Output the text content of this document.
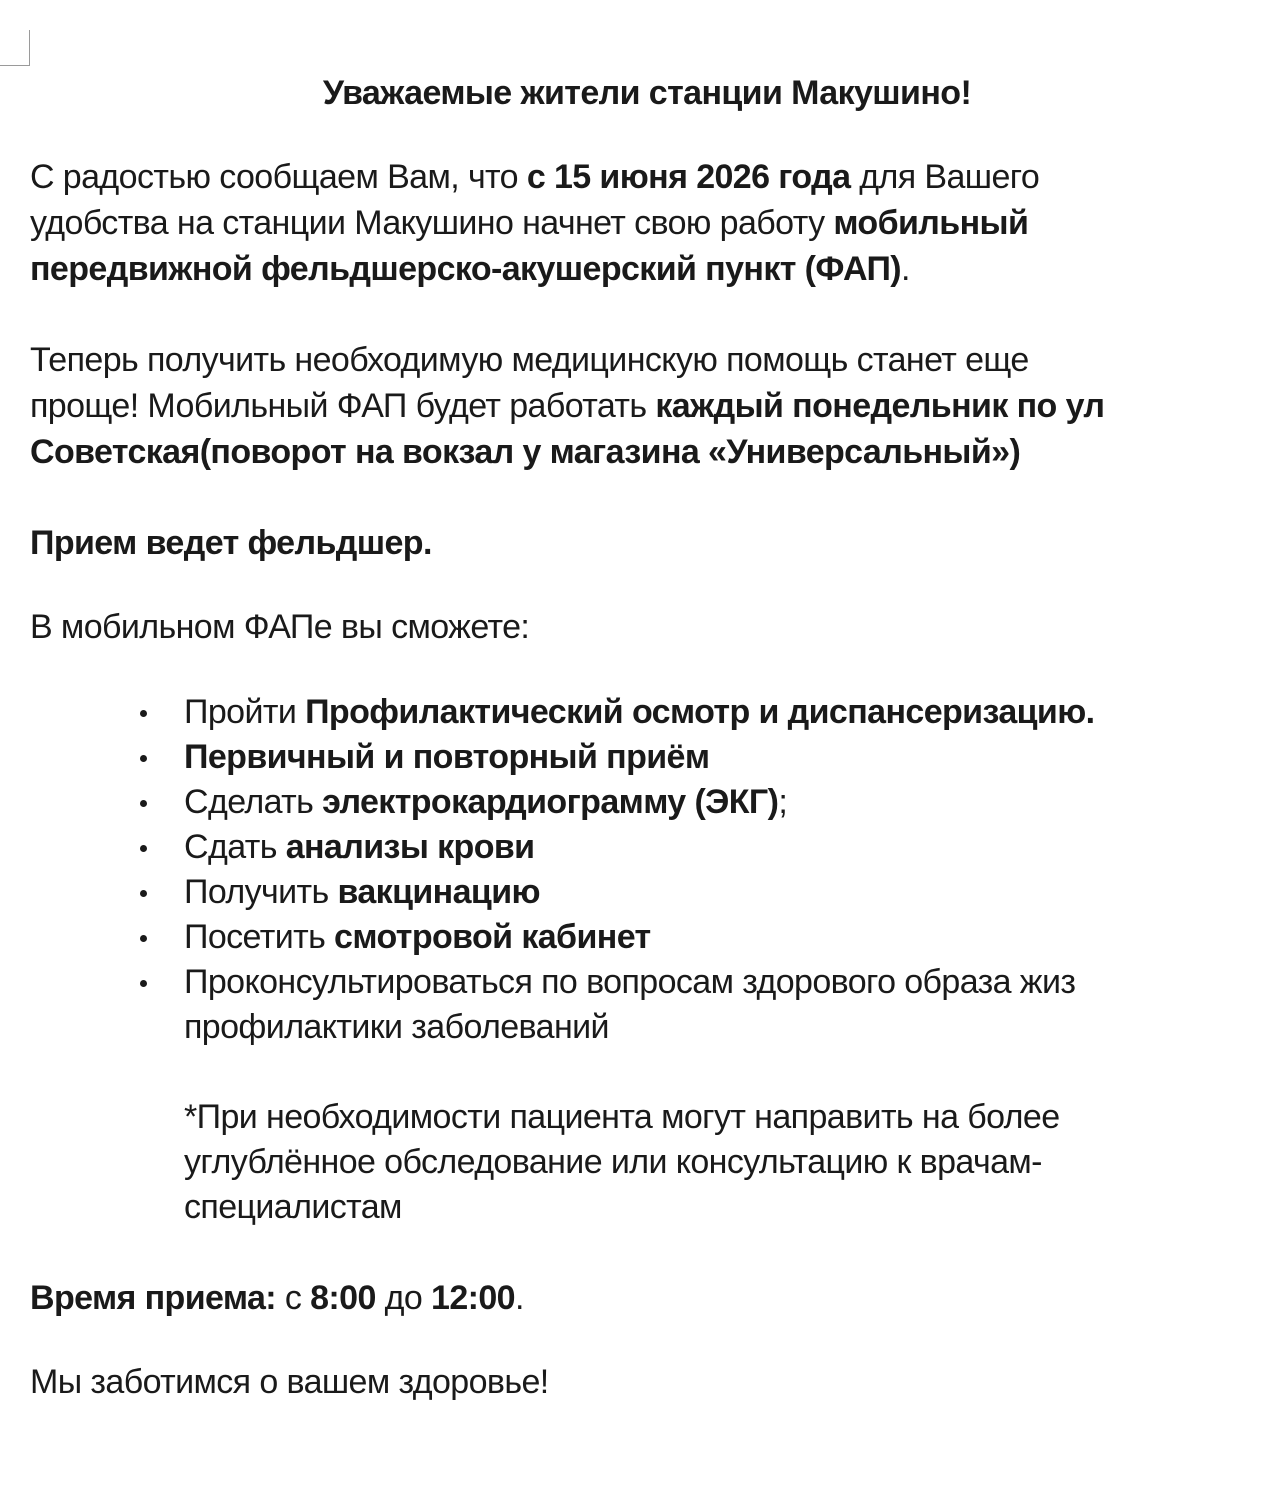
Уважаемые жители станции Макушино!

С радостью сообщаем Вам, что с 15 июня 2026 года для Вашего
удобства на станции Макушино начнет свою работу мобильный
передвижной фельдшерско-акушерский пункт (ФАП).

Теперь получить необходимую медицинскую помощь станет еще
проще! Мобильный ФАП будет работать каждый понедельник по ул
Советская(поворот на вокзал у магазина «Универсальный»)

Прием ведет фельдшер.

В мобильном ФАПе вы сможете:

Пройти Профилактический осмотр и диспансеризацию.
Первичный и повторный приём
Сделать электрокардиограмму (ЭКГ);
Сдать анализы крови
Получить вакцинацию
Посетить смотровой кабинет
Проконсультироваться по вопросам здорового образа жиз
профилактики заболеваний

*При необходимости пациента могут направить на более
углублённое обследование или консультацию к врачам-
специалистам

Время приема: с 8:00 до 12:00.

Мы заботимся о вашем здоровье!
